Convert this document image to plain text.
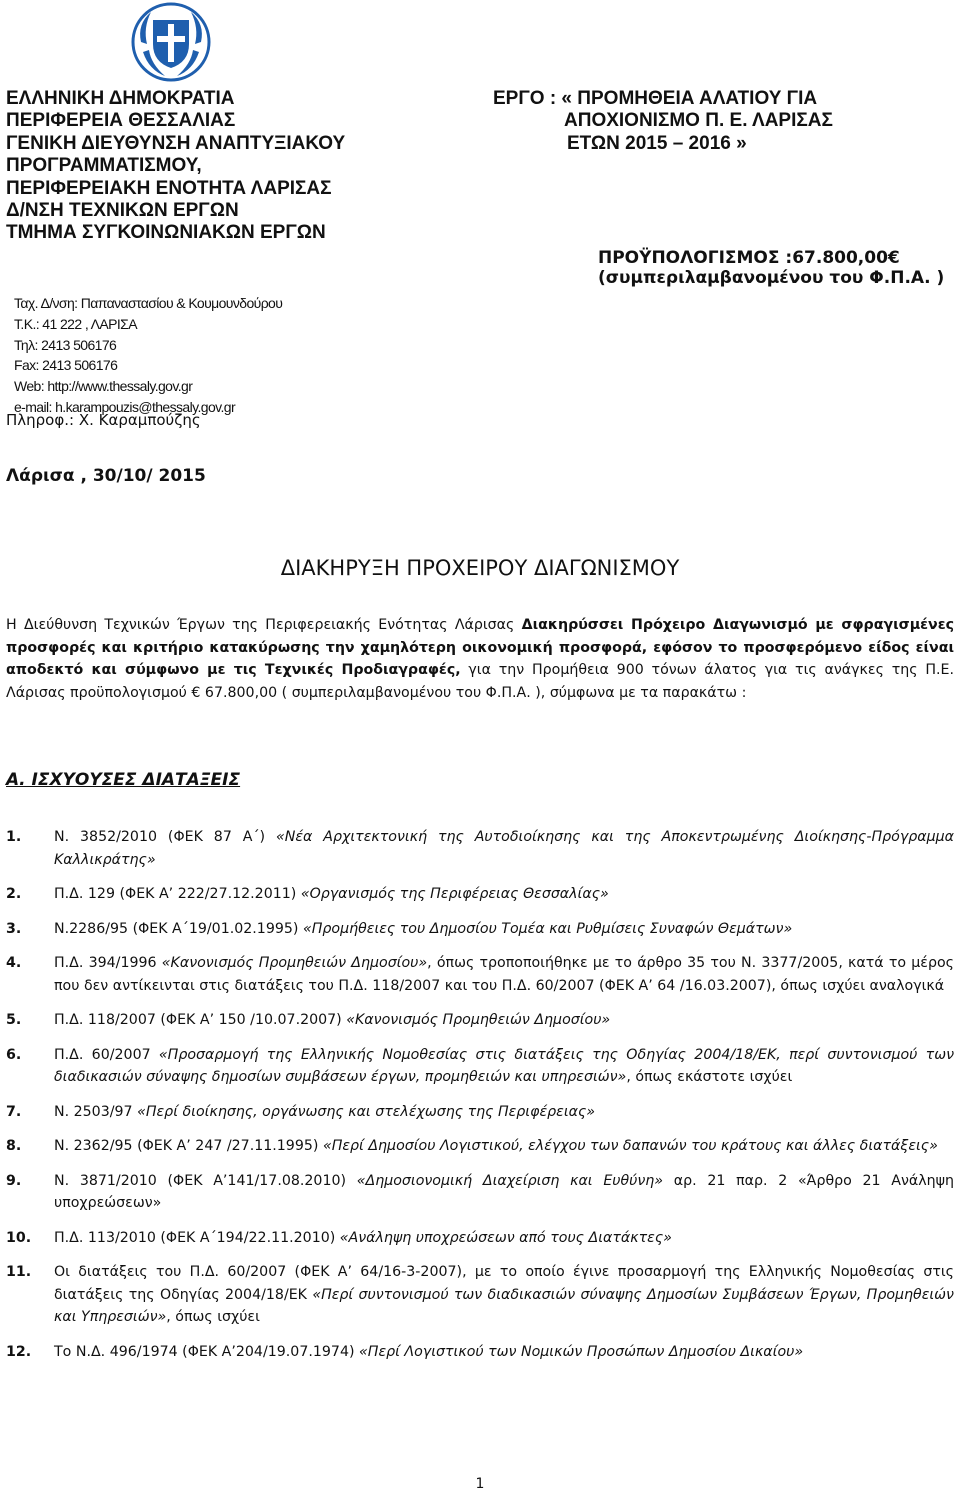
ΕΛΛΗΝΙΚΗ ΔΗΜΟΚΡΑΤΙΑ
ΠΕΡΙΦΕΡΕΙΑ ΘΕΣΣΑΛΙΑΣ
ΓΕΝΙΚΗ ΔΙΕΥΘΥΝΣΗ ΑΝΑΠΤΥΞΙΑΚΟΥ
ΠΡΟΓΡΑΜΜΑΤΙΣΜΟΥ,
ΠΕΡΙΦΕΡΕΙΑΚΗ ΕΝΟΤΗΤΑ ΛΑΡΙΣΑΣ
Δ/ΝΣΗ ΤΕΧΝΙΚΩΝ ΕΡΓΩΝ
ΤΜΗΜΑ ΣΥΓΚΟΙΝΩΝΙΑΚΩΝ ΕΡΓΩΝ
ΕΡΓΟ : « ΠΡΟΜΗΘΕΙΑ ΑΛΑΤΙΟΥ ΓΙΑ
ΑΠΟΧΙΟΝΙΣΜΟ Π. Ε. ΛΑΡΙΣΑΣ
ΕΤΩΝ 2015 – 2016 »
ΠΡΟΫΠΟΛΟΓΙΣΜΟΣ :67.800,00€
(συμπεριλαμβανομένου του Φ.Π.Α. )
Ταχ. Δ/νση: Παπαναστασίου & Κουμουνδούρου
Τ.Κ.: 41 222 , ΛΑΡΙΣΑ
Τηλ: 2413 506176
Fax: 2413 506176
Web: http://www.thessaly.gov.gr
e-mail: h.karampouzis@thessaly.gov.gr
Πληροφ.: Χ. Καραμπούζης
Λάρισα , 30/10/ 2015
ΔΙΑΚΗΡΥΞΗ ΠΡΟΧΕΙΡΟΥ ΔΙΑΓΩΝΙΣΜΟΥ
Η Διεύθυνση Τεχνικών Έργων της Περιφερειακής Ενότητας Λάρισας Διακηρύσσει Πρόχειρο Διαγωνισμό με σφραγισμένες προσφορές και κριτήριο κατακύρωσης την χαμηλότερη οικονομική προσφορά, εφόσον το προσφερόμενο είδος είναι αποδεκτό και σύμφωνο με τις Τεχνικές Προδιαγραφές, για την Προμήθεια 900 τόνων άλατος για τις ανάγκες της Π.Ε. Λάρισας προϋπολογισμού € 67.800,00 ( συμπεριλαμβανομένου του Φ.Π.Α. ), σύμφωνα με τα παρακάτω :
Α. ΙΣΧΥΟΥΣΕΣ ΔΙΑΤΑΞΕΙΣ
1. Ν. 3852/2010 (ΦΕΚ 87 Α΄) «Νέα Αρχιτεκτονική της Αυτοδιοίκησης και της Αποκεντρωμένης Διοίκησης-Πρόγραμμα Καλλικράτης»
2. Π.Δ. 129 (ΦΕΚ Α’ 222/27.12.2011) «Οργανισμός της Περιφέρειας Θεσσαλίας»
3. Ν.2286/95 (ΦΕΚ Α΄19/01.02.1995) «Προμήθειες του Δημοσίου Τομέα και Ρυθμίσεις Συναφών Θεμάτων»
4. Π.Δ. 394/1996 «Κανονισμός Προμηθειών Δημοσίου», όπως τροποποιήθηκε με το άρθρο 35 του Ν. 3377/2005, κατά το μέρος που δεν αντίκεινται στις διατάξεις του Π.Δ. 118/2007 και του Π.Δ. 60/2007 (ΦΕΚ Α’ 64 /16.03.2007), όπως ισχύει αναλογικά
5. Π.Δ. 118/2007 (ΦΕΚ Α’ 150 /10.07.2007) «Κανονισμός Προμηθειών Δημοσίου»
6. Π.Δ. 60/2007 «Προσαρμογή της Ελληνικής Νομοθεσίας στις διατάξεις της Οδηγίας 2004/18/ΕΚ, περί συντονισμού των διαδικασιών σύναψης δημοσίων συμβάσεων έργων, προμηθειών και υπηρεσιών», όπως εκάστοτε ισχύει
7. Ν. 2503/97 «Περί διοίκησης, οργάνωσης και στελέχωσης της Περιφέρειας»
8. Ν. 2362/95 (ΦΕΚ Α’ 247 /27.11.1995) «Περί Δημοσίου Λογιστικού, ελέγχου των δαπανών του κράτους και άλλες διατάξεις»
9. Ν. 3871/2010 (ΦΕΚ Α’141/17.08.2010) «Δημοσιονομική Διαχείριση και Ευθύνη» αρ. 21 παρ. 2 «Άρθρο 21 Ανάληψη υποχρεώσεων»
10. Π.Δ. 113/2010 (ΦΕΚ Α΄194/22.11.2010) «Ανάληψη υποχρεώσεων από τους Διατάκτες»
11. Οι διατάξεις του Π.Δ. 60/2007 (ΦΕΚ Α’ 64/16-3-2007), με το οποίο έγινε προσαρμογή της Ελληνικής Νομοθεσίας στις διατάξεις της Οδηγίας 2004/18/ΕΚ «Περί συντονισμού των διαδικασιών σύναψης Δημοσίων Συμβάσεων Έργων, Προμηθειών και Υπηρεσιών», όπως ισχύει
12. Το Ν.Δ. 496/1974 (ΦΕΚ Α’204/19.07.1974) «Περί Λογιστικού των Νομικών Προσώπων Δημοσίου Δικαίου»
1
